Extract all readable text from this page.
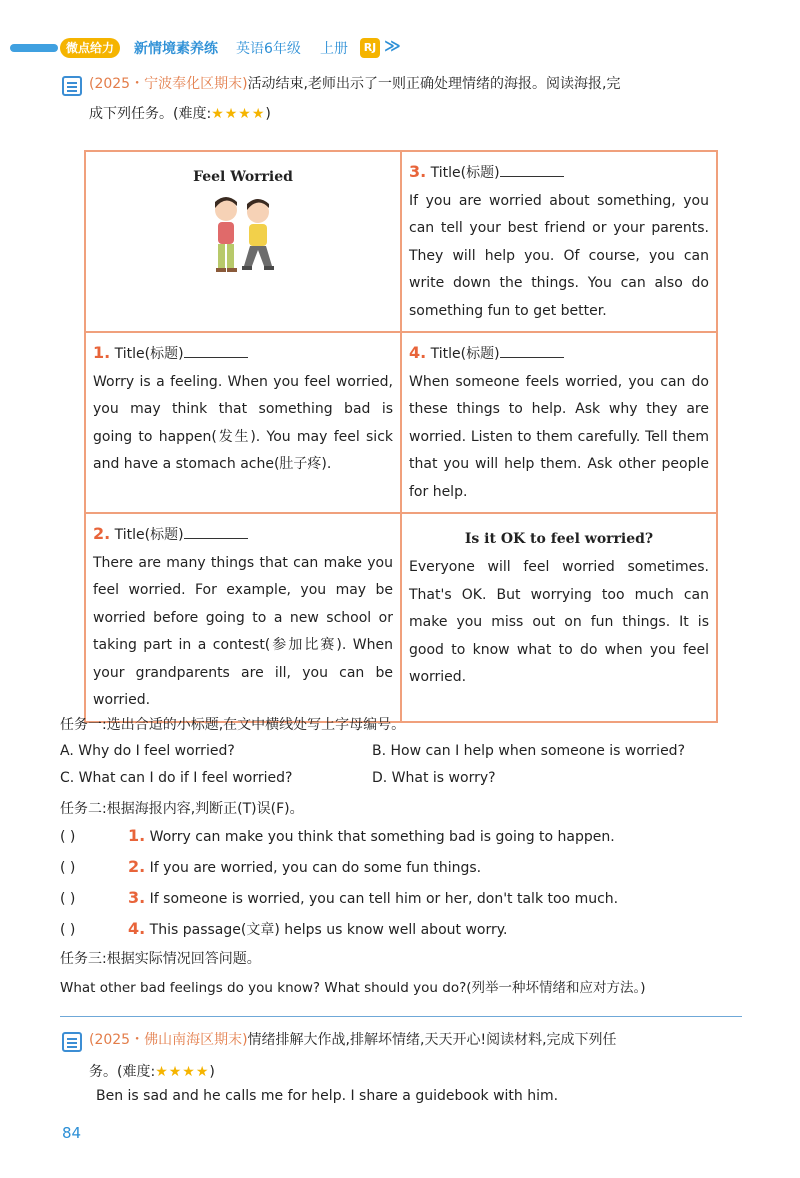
微点给力	新情境素养练 英语6年级 上册	RJ ≫
(2025・宁波奉化区期末)活动结束,老师出示了一则正确处理情绪的海报。阅读海报,完
成下列任务。(难度:★★★★)
Feel Worried	3. Title(标题)
If you are worried about something, you can tell your best friend or your parents. They will help you. Of course, you can write down the things. You can also do something fun to get better.
1. Title(标题)
Worry is a feeling. When you feel worried, you may think that something bad is going to happen(发生). You may feel sick and have a stomach ache(肚子疼).	4. Title(标题)
When someone feels worried, you can do these things to help. Ask why they are worried. Listen to them carefully. Tell them that you will help them. Ask other people for help.
2. Title(标题)
There are many things that can make you feel worried. For example, you may be worried before going to a new school or taking part in a contest(参加比赛). When your grandparents are ill, you can be worried.	Is it OK to feel worried?
Everyone will feel worried sometimes. That's OK. But worrying too much can make you miss out on fun things. It is good to know what to do when you feel worried.
任务一:选出合适的小标题,在文中横线处写上字母编号。
A. Why do I feel worried?	B. How can I help when someone is worried?
C. What can I do if I feel worried?	D. What is worry?
任务二:根据海报内容,判断正(T)误(F)。
( )	1. Worry can make you think that something bad is going to happen.
( )	2. If you are worried, you can do some fun things.
( )	3. If someone is worried, you can tell him or her, don't talk too much.
( )	4. This passage(文章) helps us know well about worry.
任务三:根据实际情况回答问题。
What other bad feelings do you know? What should you do?(列举一种坏情绪和应对方法。)
(2025・佛山南海区期末)情绪排解大作战,排解坏情绪,天天开心!阅读材料,完成下列任
务。(难度:★★★★)
Ben is sad and he calls me for help. I share a guidebook with him.
84
